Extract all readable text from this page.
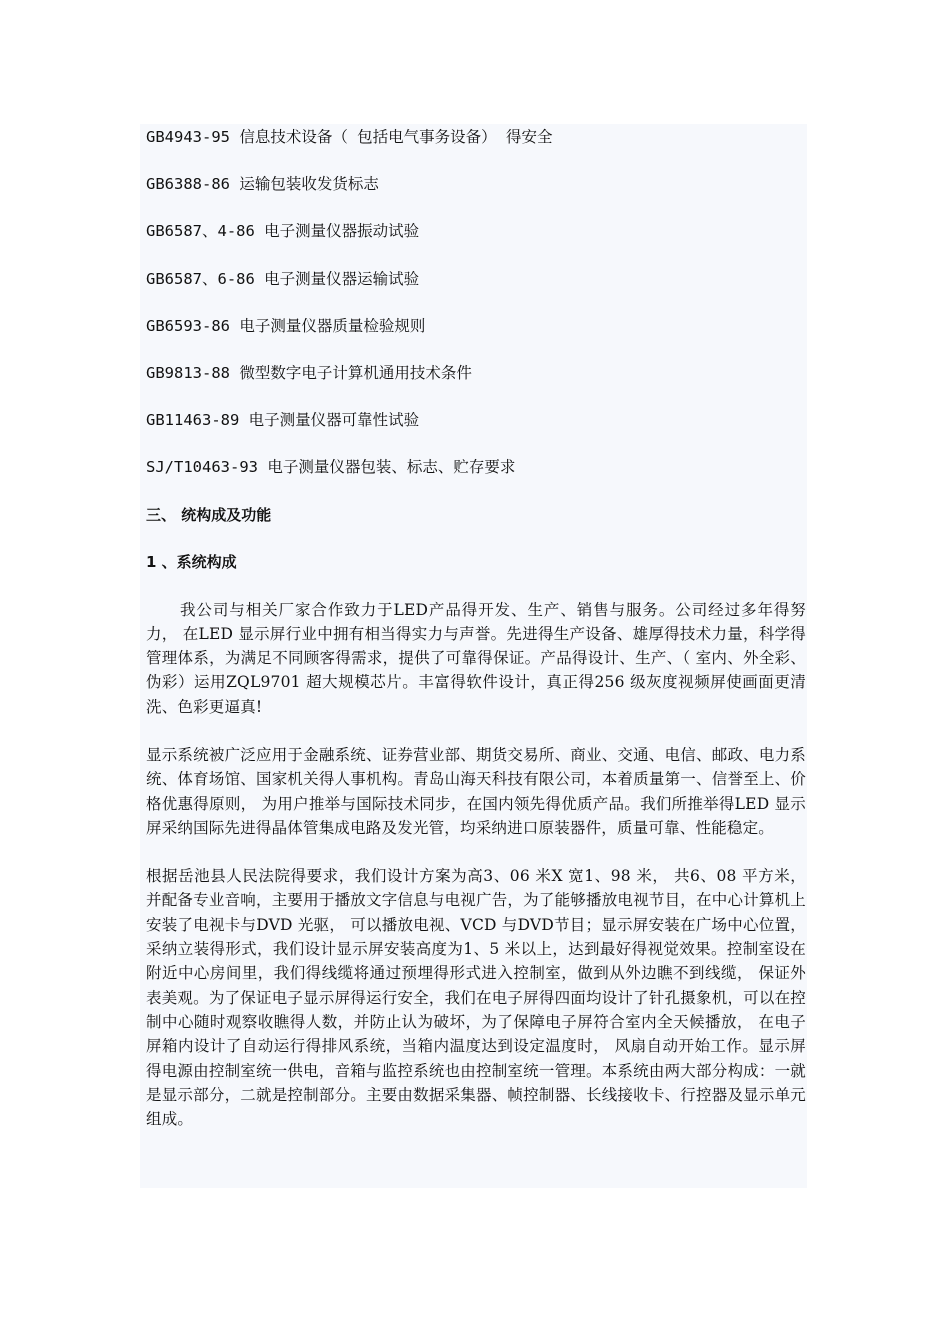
GB4943-95 信息技术设备（ 包括电气事务设备） 得安全
GB6388-86 运输包装收发货标志
GB6587、4-86 电子测量仪器振动试验
GB6587、6-86 电子测量仪器运输试验
GB6593-86 电子测量仪器质量检验规则
GB9813-88 微型数字电子计算机通用技术条件
GB11463-89 电子测量仪器可靠性试验
SJ/T10463-93 电子测量仪器包装、标志、贮存要求
三、 统构成及功能
1 、系统构成

我公司与相关厂家合作致力于LED产品得开发、生产、销售与服务。公司经过多年得努力， 在LED 显示屏行业中拥有相当得实力与声誉。先进得生产设备、雄厚得技术力量，科学得管理体系，为满足不同顾客得需求，提供了可靠得保证。产品得设计、生产、（ 室内、外全彩、伪彩）运用ZQL9701 超大规模芯片。丰富得软件设计，真正得256 级灰度视频屏使画面更清洗、色彩更逼真!

显示系统被广泛应用于金融系统、证券营业部、期货交易所、商业、交通、电信、邮政、电力系统、体育场馆、国家机关得人事机构。青岛山海天科技有限公司，本着质量第一、信誉至上、价格优惠得原则， 为用户推举与国际技术同步，在国内领先得优质产品。我们所推举得LED 显示屏采纳国际先进得晶体管集成电路及发光管，均采纳进口原装器件，质量可靠、性能稳定。

根据岳池县人民法院得要求，我们设计方案为高3、06 米X 宽1、98 米， 共6、08 平方米， 并配备专业音响，主要用于播放文字信息与电视广告，为了能够播放电视节目，在中心计算机上安装了电视卡与DVD 光驱， 可以播放电视、VCD 与DVD节目；显示屏安装在广场中心位置，采纳立装得形式，我们设计显示屏安装高度为1、5 米以上，达到最好得视觉效果。控制室设在附近中心房间里，我们得线缆将通过预埋得形式进入控制室，做到从外边瞧不到线缆， 保证外表美观。为了保证电子显示屏得运行安全，我们在电子屏得四面均设计了针孔摄象机，可以在控制中心随时观察收瞧得人数，并防止认为破坏，为了保障电子屏符合室内全天候播放， 在电子屏箱内设计了自动运行得排风系统，当箱内温度达到设定温度时， 风扇自动开始工作。显示屏得电源由控制室统一供电，音箱与监控系统也由控制室统一管理。本系统由两大部分构成：一就是显示部分，二就是控制部分。主要由数据采集器、帧控制器、长线接收卡、行控器及显示单元组成。
